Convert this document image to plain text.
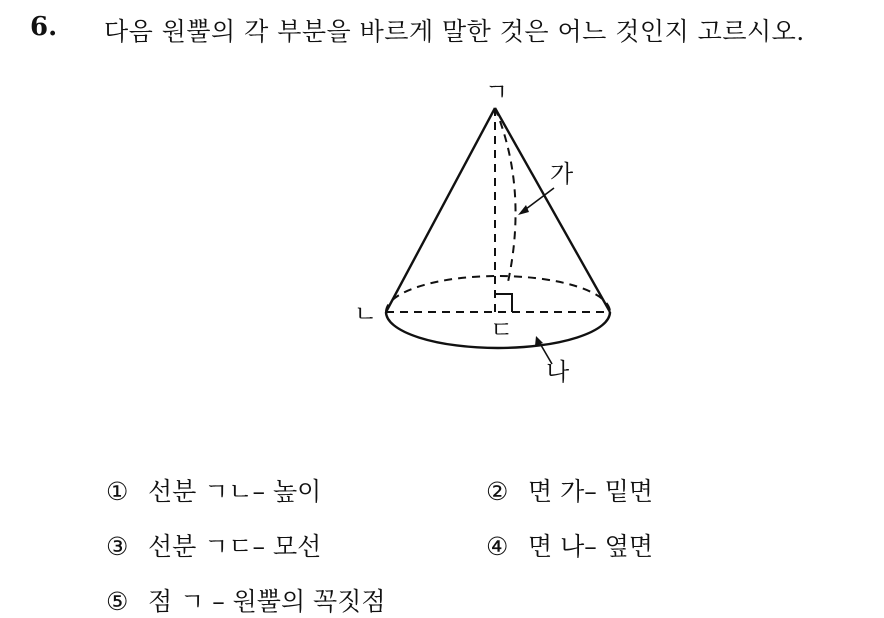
6. 다음 원뿔의 각 부분을 바르게 말한 것은 어느 것인지 고르시오.
ㄱ
ㄴ
ㄷ
가
나
① 선분 ㄱㄴ– 높이	② 면 가– 밑면
③ 선분 ㄱㄷ– 모선	④ 면 나– 옆면
⑤ 점 ㄱ – 원뿔의 꼭짓점
